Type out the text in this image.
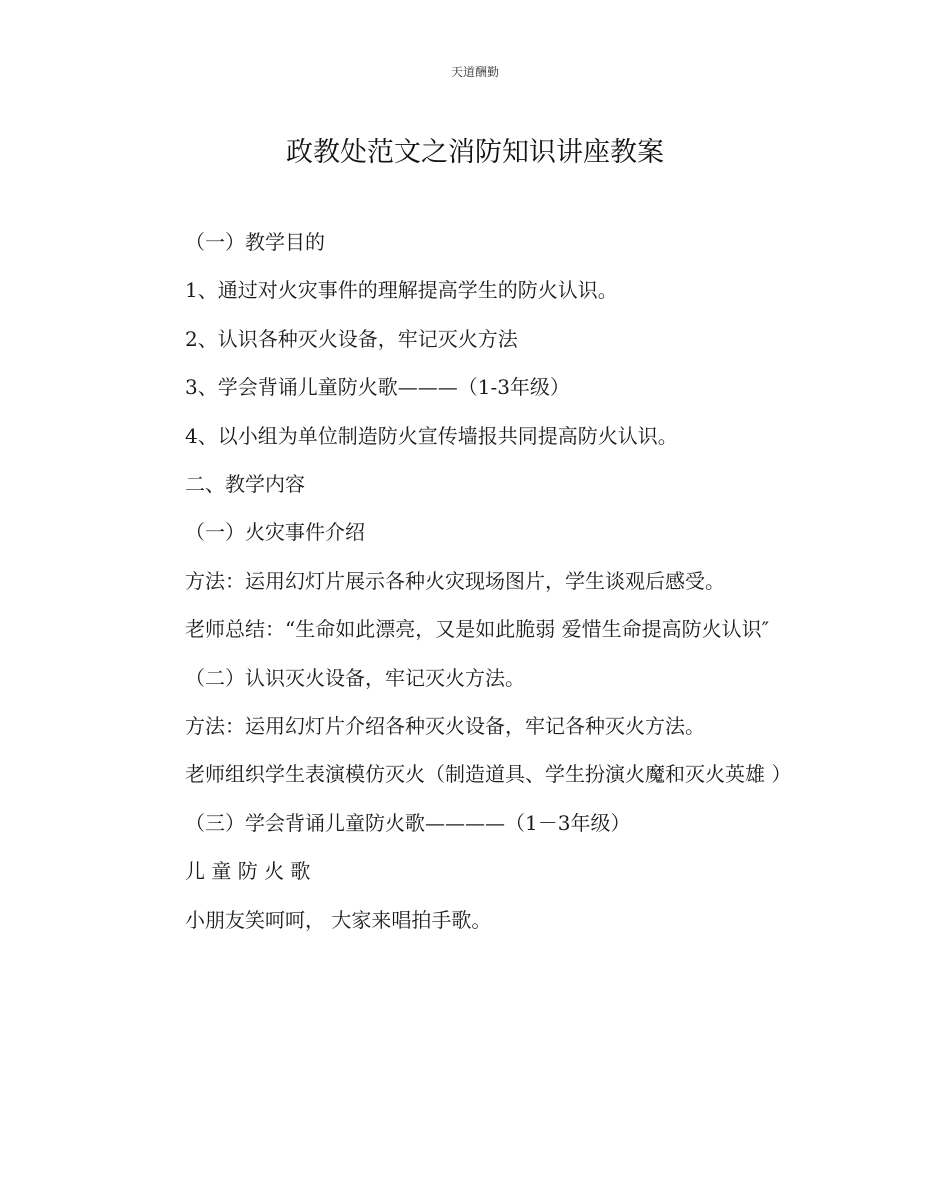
天道酬勤
政教处范文之消防知识讲座教案

（一）教学目的

1、通过对火灾事件的理解提高学生的防火认识。

2、认识各种灭火设备，牢记灭火方法

3、学会背诵儿童防火歌———（1-3年级）

4、以小组为单位制造防火宣传墙报共同提高防火认识。

二、教学内容

（一）火灾事件介绍

方法：运用幻灯片展示各种火灾现场图片，学生谈观后感受。

老师总结：“生命如此漂亮，又是如此脆弱 爱惜生命提高防火认识″

（二）认识灭火设备，牢记灭火方法。

方法：运用幻灯片介绍各种灭火设备，牢记各种灭火方法。

老师组织学生表演模仿灭火（制造道具、学生扮演火魔和灭火英雄 ）

（三）学会背诵儿童防火歌————（1－3年级）

儿 童 防 火 歌

小朋友笑呵呵， 大家来唱拍手歌。
